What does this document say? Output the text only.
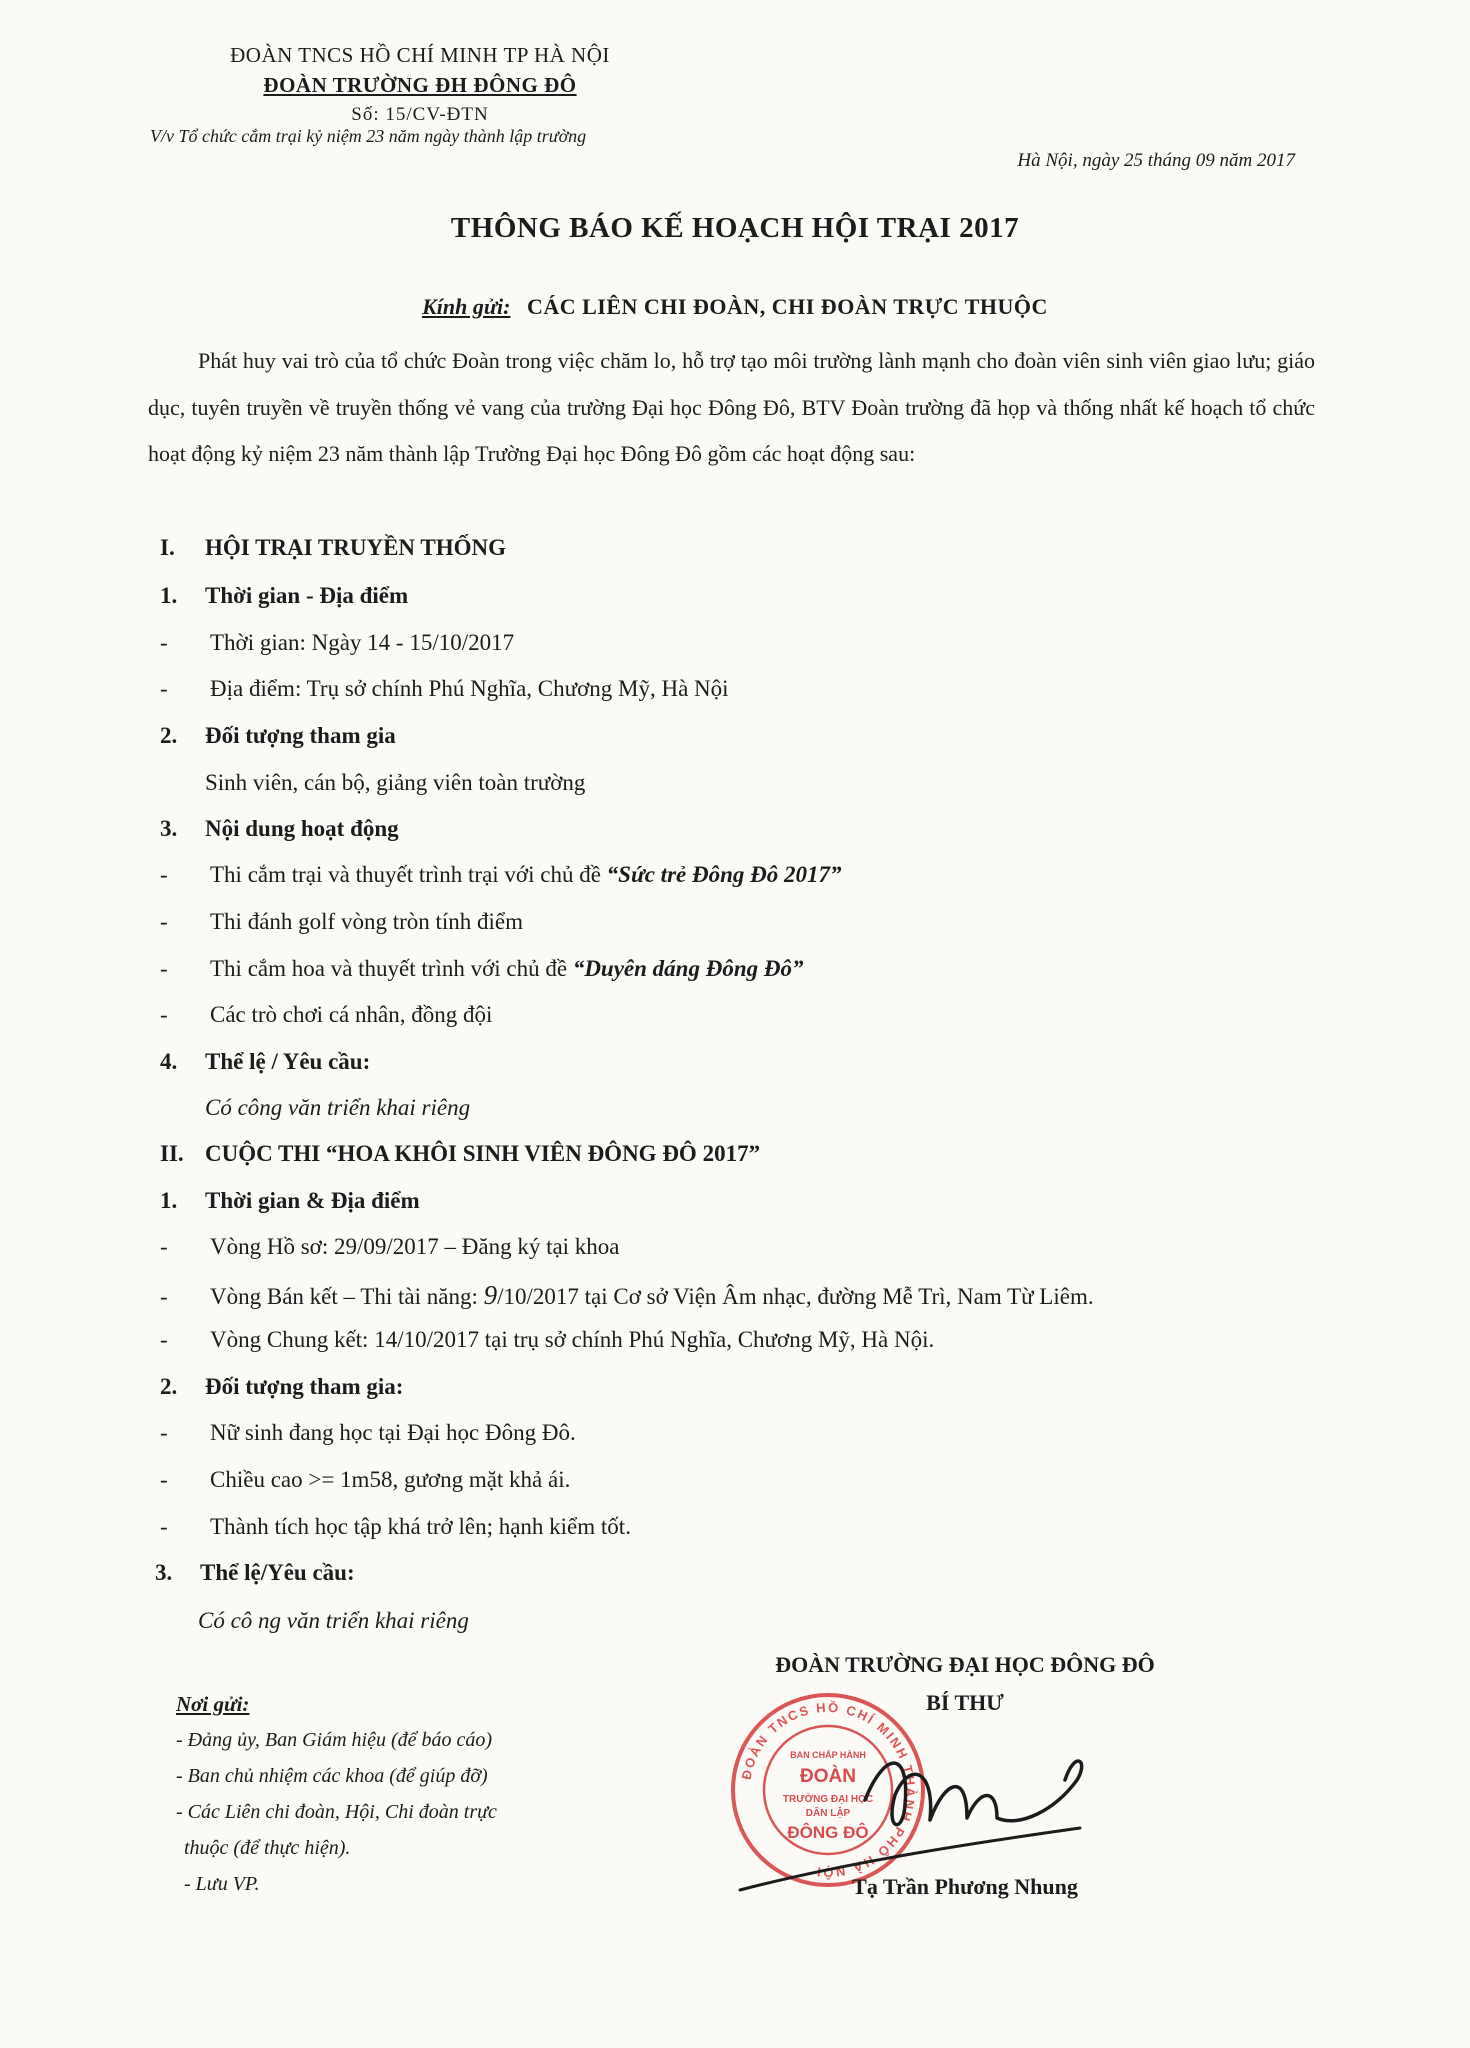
ĐOÀN TNCS HỒ CHÍ MINH TP HÀ NỘI
ĐOÀN TRƯỜNG ĐH ĐÔNG ĐÔ
Số: 15/CV-ĐTN
V/v Tổ chức cắm trại kỷ niệm 23 năm ngày thành lập trường
Hà Nội, ngày 25 tháng 09 năm 2017
THÔNG BÁO KẾ HOẠCH HỘI TRẠI 2017
Kính gửi: CÁC LIÊN CHI ĐOÀN, CHI ĐOÀN TRỰC THUỘC
Phát huy vai trò của tổ chức Đoàn trong việc chăm lo, hỗ trợ tạo môi trường lành mạnh cho đoàn viên sinh viên giao lưu; giáo dục, tuyên truyền về truyền thống vẻ vang của trường Đại học Đông Đô, BTV Đoàn trường đã họp và thống nhất kế hoạch tổ chức hoạt động kỷ niệm 23 năm thành lập Trường Đại học Đông Đô gồm các hoạt động sau:
I. HỘI TRẠI TRUYỀN THỐNG
1. Thời gian - Địa điểm
- Thời gian: Ngày 14 - 15/10/2017
- Địa điểm: Trụ sở chính Phú Nghĩa, Chương Mỹ, Hà Nội
2. Đối tượng tham gia
Sinh viên, cán bộ, giảng viên toàn trường
3. Nội dung hoạt động
- Thi cắm trại và thuyết trình trại với chủ đề “Sức trẻ Đông Đô 2017”
- Thi đánh golf vòng tròn tính điểm
- Thi cắm hoa và thuyết trình với chủ đề “Duyên dáng Đông Đô”
- Các trò chơi cá nhân, đồng đội
4. Thể lệ / Yêu cầu:
Có công văn triển khai riêng
II. CUỘC THI “HOA KHÔI SINH VIÊN ĐÔNG ĐÔ 2017”
1. Thời gian & Địa điểm
- Vòng Hồ sơ: 29/09/2017 – Đăng ký tại khoa
- Vòng Bán kết – Thi tài năng: 9/10/2017 tại Cơ sở Viện Âm nhạc, đường Mễ Trì, Nam Từ Liêm.
- Vòng Chung kết: 14/10/2017 tại trụ sở chính Phú Nghĩa, Chương Mỹ, Hà Nội.
2. Đối tượng tham gia:
- Nữ sinh đang học tại Đại học Đông Đô.
- Chiều cao >= 1m58, gương mặt khả ái.
- Thành tích học tập khá trở lên; hạnh kiểm tốt.
3. Thể lệ/Yêu cầu:
Có cô ng văn triển khai riêng
Nơi gửi:
- Đảng ủy, Ban Giám hiệu (để báo cáo)
- Ban chủ nhiệm các khoa (để giúp đỡ)
- Các Liên chi đoàn, Hội, Chi đoàn trực
thuộc (để thực hiện).
- Lưu VP.
ĐOÀN TRƯỜNG ĐẠI HỌC ĐÔNG ĐÔ
BÍ THƯ
ĐOÀN TNCS HỒ CHÍ MINH THÀNH PHỐ HÀ NỘI
BAN CHẤP HÀNH
ĐOÀN
TRƯỜNG ĐẠI HỌC
DÂN LẬP
ĐÔNG ĐÔ
Tạ Trần Phương Nhung
